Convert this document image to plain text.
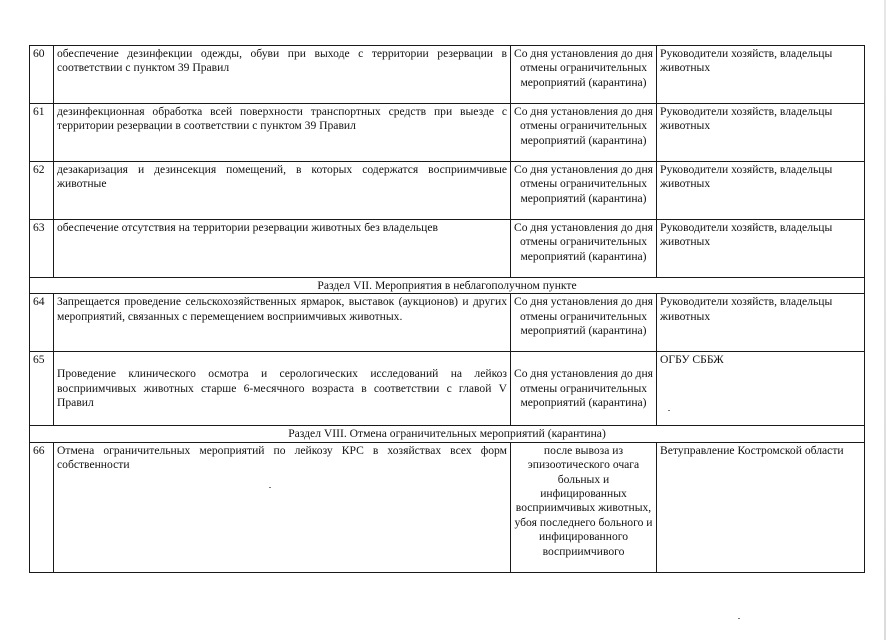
60	обеспечение дезинфекции одежды, обуви при выходе с территории резервации в соответствии с пунктом 39 Правил	Со дня установления до дня отмены ограничительных мероприятий (карантина)	Руководители хозяйств, владельцы животных
61	дезинфекционная обработка всей поверхности транспортных средств при выезде с территории резервации в соответствии с пунктом 39 Правил	Со дня установления до дня отмены ограничительных мероприятий (карантина)	Руководители хозяйств, владельцы животных
62	дезакаризация и дезинсекция помещений, в которых содержатся восприимчивые животные	Со дня установления до дня отмены ограничительных мероприятий (карантина)	Руководители хозяйств, владельцы животных
63	обеспечение отсутствия на территории резервации животных без владельцев	Со дня установления до дня отмены ограничительных мероприятий (карантина)	Руководители хозяйств, владельцы животных
Раздел VII. Мероприятия в неблагополучном пункте			
64	Запрещается проведение сельскохозяйственных ярмарок, выставок (аукционов) и других мероприятий, связанных с перемещением восприимчивых животных.	Со дня установления до дня отмены ограничительных мероприятий (карантина)	Руководители хозяйств, владельцы животных
65	Проведение клинического осмотра и серологических исследований на лейкоз восприимчивых животных старше 6-месячного возраста в соответствии с главой V Правил	Со дня установления до дня отмены ограничительных мероприятий (карантина)	ОГБУ СББЖ
Раздел VIII. Отмена ограничительных мероприятий (карантина)			
66	Отмена ограничительных мероприятий по лейкозу КРС в хозяйствах всех форм собственности	после вывоза из эпизоотического очага больных и инфицированных восприимчивых животных, убоя последнего больного и инфицированного восприимчивого	Ветуправление Костромской области
